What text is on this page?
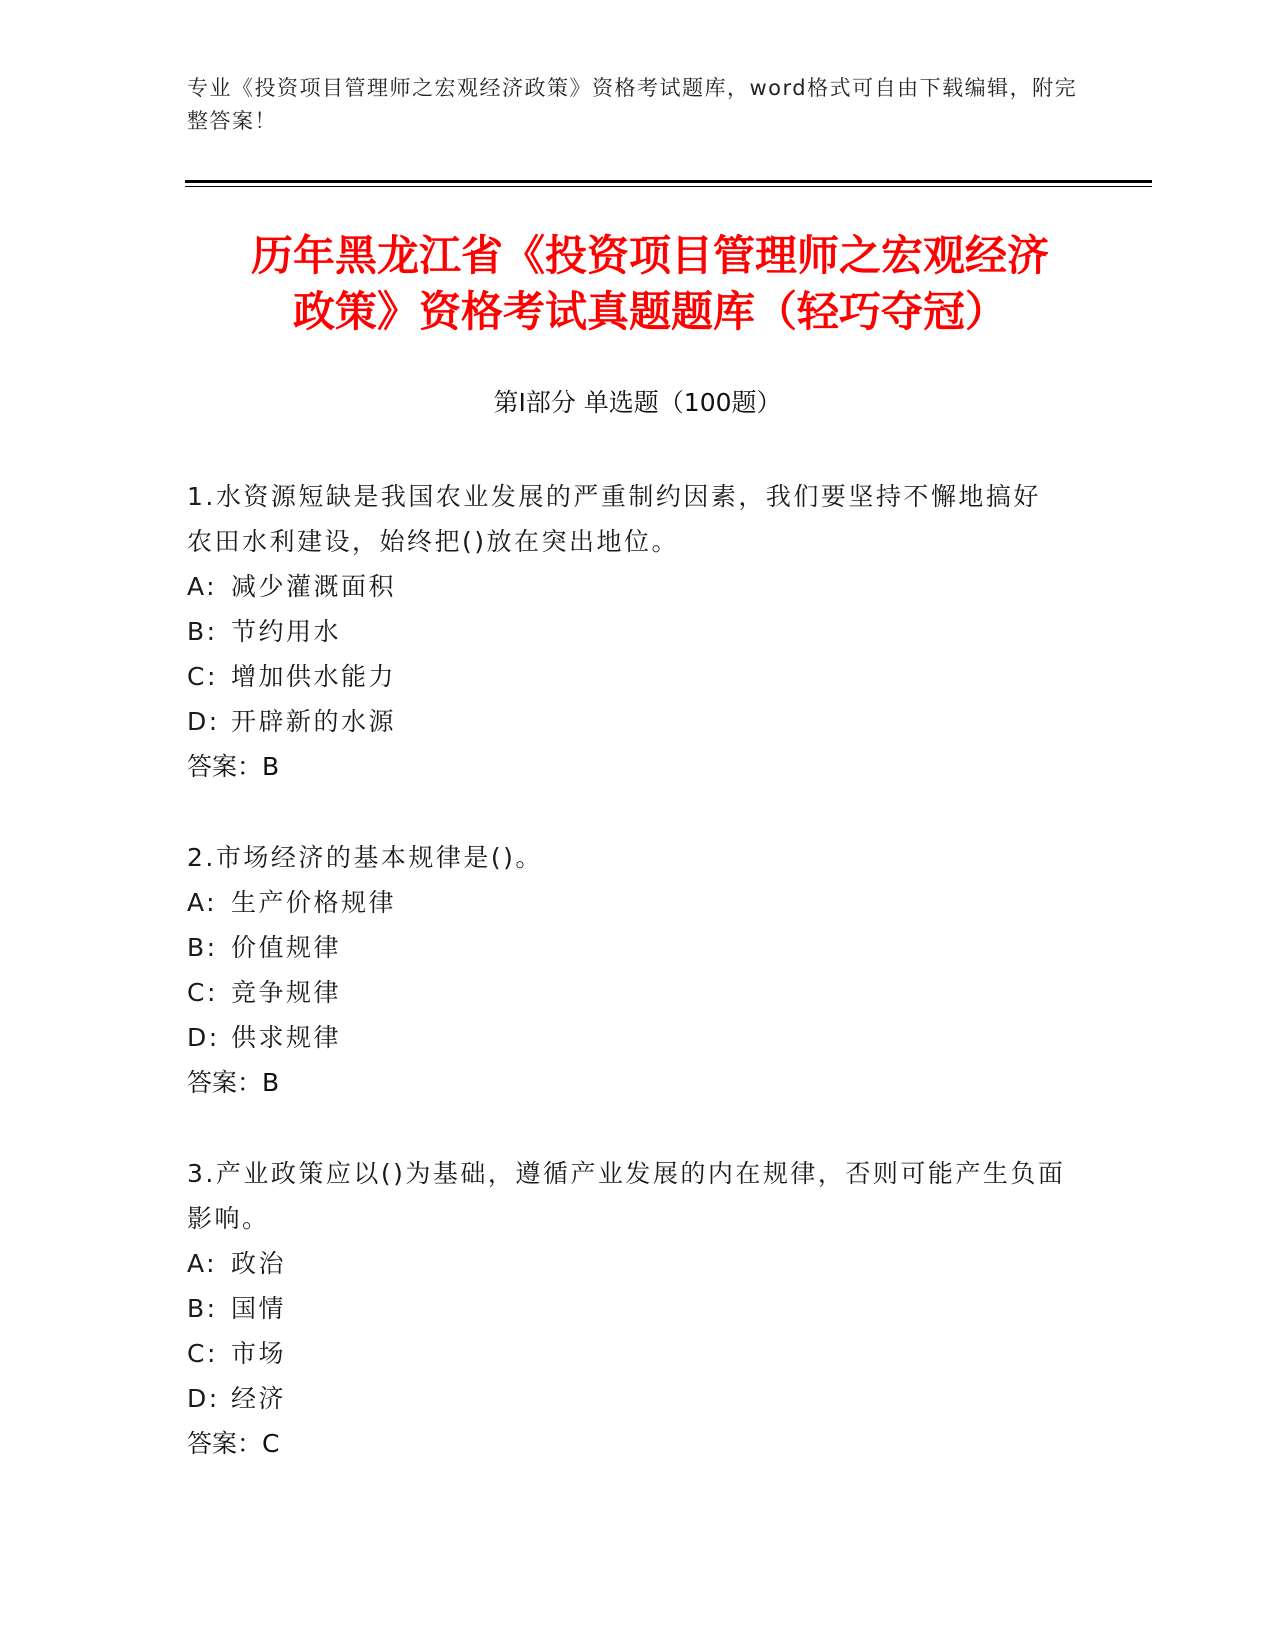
专业《投资项目管理师之宏观经济政策》资格考试题库，word格式可自由下载编辑，附完整答案！
历年黑龙江省《投资项目管理师之宏观经济
政策》资格考试真题题库（轻巧夺冠）
第Ⅰ部分 单选题（100题）
1.水资源短缺是我国农业发展的严重制约因素，我们要坚持不懈地搞好农田水利建设，始终把()放在突出地位。
A: 减少灌溉面积
B: 节约用水
C: 增加供水能力
D: 开辟新的水源
答案：B
2.市场经济的基本规律是()。
A: 生产价格规律
B: 价值规律
C: 竞争规律
D: 供求规律
答案：B
3.产业政策应以()为基础，遵循产业发展的内在规律，否则可能产生负面影响。
A: 政治
B: 国情
C: 市场
D: 经济
答案：C
